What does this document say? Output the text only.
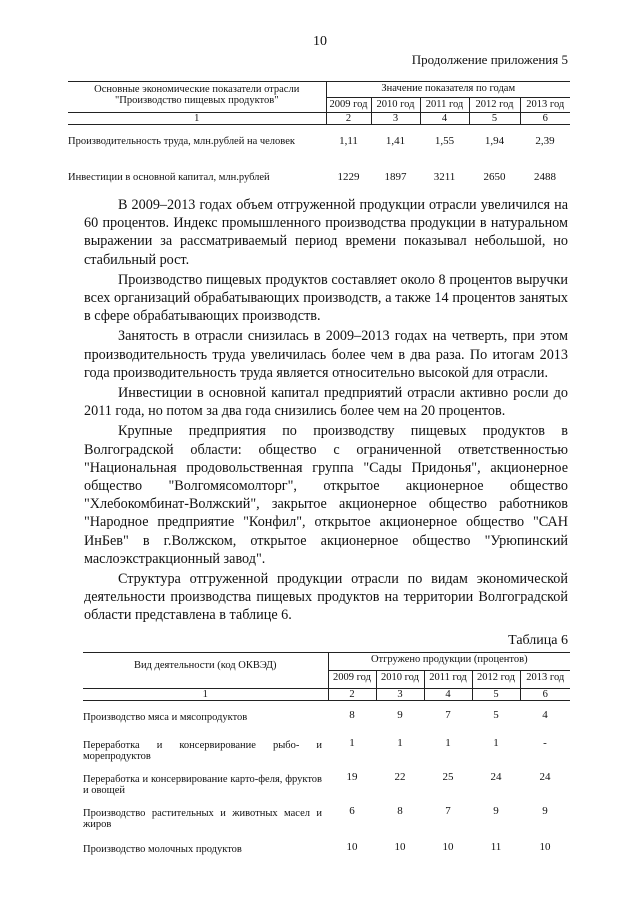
10
Продолжение приложения 5
Основные экономические показатели отрасли "Производство пищевых продуктов"	Значение показателя по годам				
	2009 год	2010 год	2011 год	2012 год	2013 год
1	2	3	4	5	6
Производительность труда, млн.рублей на человек	1,11	1,41	1,55	1,94	2,39
Инвестиции в основной капитал, млн.рублей	1229	1897	3211	2650	2488

В 2009–2013 годах объем отгруженной продукции отрасли увеличился на 60 процентов. Индекс промышленного производства продукции в натуральном выражении за рассматриваемый период времени показывал небольшой, но стабильный рост.

Производство пищевых продуктов составляет около 8 процентов выручки всех организаций обрабатывающих производств, а также 14 процентов занятых в сфере обрабатывающих производств.

Занятость в отрасли снизилась в 2009–2013 годах на четверть, при этом производительность труда увеличилась более чем в два раза. По итогам 2013 года производительность труда является относительно высокой для отрасли.

Инвестиции в основной капитал предприятий отрасли активно росли до 2011 года, но потом за два года снизились более чем на 20 процентов.

Крупные предприятия по производству пищевых продуктов в Волгоградской области: общество с ограниченной ответственностью "Национальная продовольственная группа "Сады Придонья", акционерное общество "Волгомясомолторг", открытое акционерное общество "Хлебокомбинат-Волжский", закрытое акционерное общество работников "Народное предприятие "Конфил", открытое акционерное общество "САН ИнБев" в г.Волжском, открытое акционерное общество "Урюпинский маслоэкстракционный завод".

Структура отгруженной продукции отрасли по видам экономической деятельности производства пищевых продуктов на территории Волгоградской области представлена в таблице 6.

Таблица 6
Вид деятельности (код ОКВЭД)	Отгружено продукции (процентов)				
	2009 год	2010 год	2011 год	2012 год	2013 год
1	2	3	4	5	6
Производство мяса и мясопродуктов	8	9	7	5	4
Переработка и консервирование рыбо- и морепродуктов	1	1	1	1	-
Переработка и консервирование карто-феля, фруктов и овощей	19	22	25	24	24
Производство растительных и животных масел и жиров	6	8	7	9	9
Производство молочных продуктов	10	10	10	11	10
